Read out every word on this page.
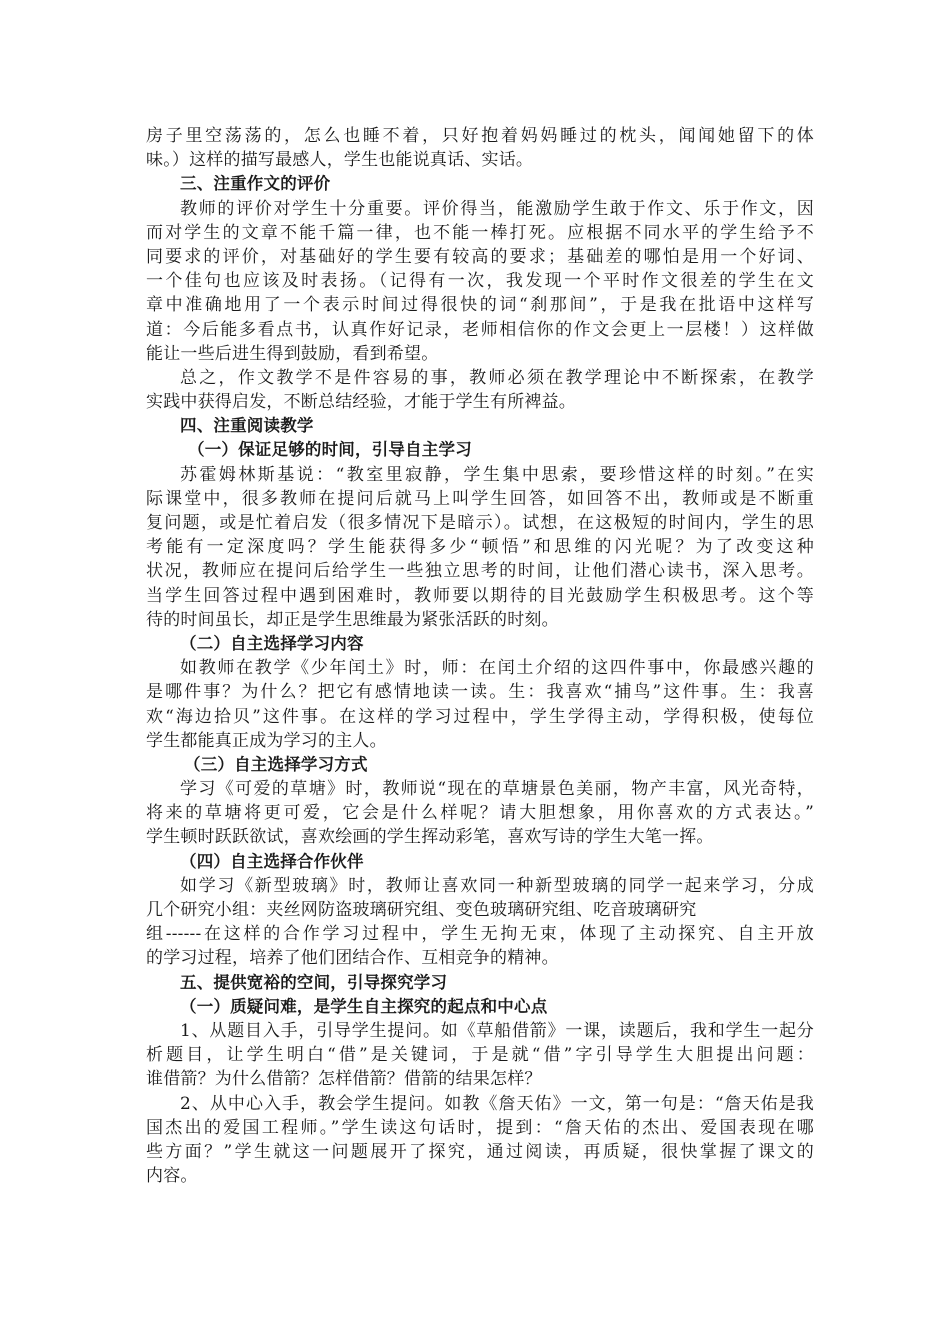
房子里空荡荡的，怎么也睡不着，只好抱着妈妈睡过的枕头，闻闻她留下的体
味。）这样的描写最感人，学生也能说真话、实话。
三、注重作文的评价
教师的评价对学生十分重要。评价得当，能激励学生敢于作文、乐于作文，因
而对学生的文章不能千篇一律，也不能一棒打死。应根据不同水平的学生给予不
同要求的评价，对基础好的学生要有较高的要求；基础差的哪怕是用一个好词、
一个佳句也应该及时表扬。（记得有一次，我发现一个平时作文很差的学生在文
章中准确地用了一个表示时间过得很快的词“刹那间”，于是我在批语中这样写
道：今后能多看点书，认真作好记录，老师相信你的作文会更上一层楼！）这样做
能让一些后进生得到鼓励，看到希望。
总之，作文教学不是件容易的事，教师必须在教学理论中不断探索，在教学
实践中获得启发，不断总结经验，才能于学生有所裨益。
四、注重阅读教学
（一）保证足够的时间，引导自主学习
苏霍姆林斯基说：“教室里寂静，学生集中思索，要珍惜这样的时刻。”在实
际课堂中，很多教师在提问后就马上叫学生回答，如回答不出，教师或是不断重
复问题，或是忙着启发（很多情况下是暗示）。试想，在这极短的时间内，学生的思
考能有一定深度吗？学生能获得多少“顿悟”和思维的闪光呢？为了改变这种
状况，教师应在提问后给学生一些独立思考的时间，让他们潜心读书，深入思考。
当学生回答过程中遇到困难时，教师要以期待的目光鼓励学生积极思考。这个等
待的时间虽长，却正是学生思维最为紧张活跃的时刻。
（二）自主选择学习内容
如教师在教学《少年闰土》时，师：在闰土介绍的这四件事中，你最感兴趣的
是哪件事？为什么？把它有感情地读一读。生：我喜欢“捕鸟”这件事。生：我喜
欢“海边拾贝”这件事。在这样的学习过程中，学生学得主动，学得积极，使每位
学生都能真正成为学习的主人。
（三）自主选择学习方式
学习《可爱的草塘》时，教师说“现在的草塘景色美丽，物产丰富，风光奇特，
将来的草塘将更可爱，它会是什么样呢？请大胆想象，用你喜欢的方式表达。”
学生顿时跃跃欲试，喜欢绘画的学生挥动彩笔，喜欢写诗的学生大笔一挥。
（四）自主选择合作伙伴
如学习《新型玻璃》时，教师让喜欢同一种新型玻璃的同学一起来学习，分成
几个研究小组：夹丝网防盗玻璃研究组、变色玻璃研究组、吃音玻璃研究
组------在这样的合作学习过程中，学生无拘无束，体现了主动探究、自主开放
的学习过程，培养了他们团结合作、互相竞争的精神。
五、提供宽裕的空间，引导探究学习
（一）质疑问难，是学生自主探究的起点和中心点
1、从题目入手，引导学生提问。如《草船借箭》一课，读题后，我和学生一起分
析题目，让学生明白“借”是关键词，于是就“借”字引导学生大胆提出问题：
谁借箭？为什么借箭？怎样借箭？借箭的结果怎样？
2、从中心入手，教会学生提问。如教《詹天佑》一文，第一句是：“詹天佑是我
国杰出的爱国工程师。”学生读这句话时，提到：“詹天佑的杰出、爱国表现在哪
些方面？”学生就这一问题展开了探究，通过阅读，再质疑，很快掌握了课文的
内容。
